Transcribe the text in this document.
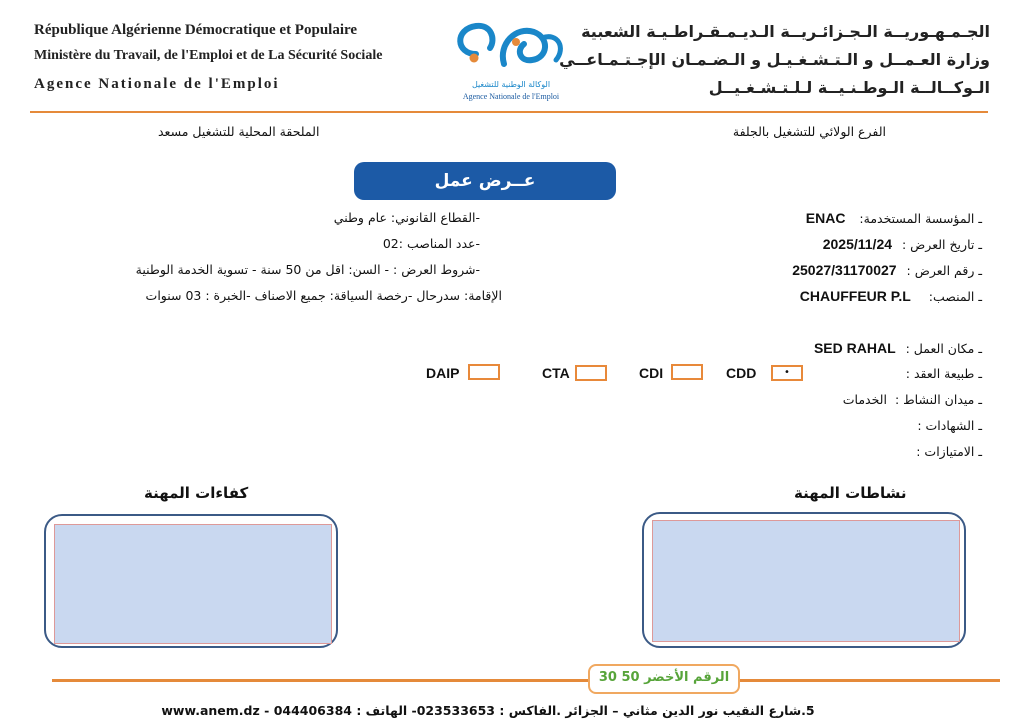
République Algérienne Démocratique et Populaire
Ministère du Travail, de l'Emploi et de La Sécurité Sociale
Agence Nationale de l'Emploi	الوكالة الوطنية للتشغيل
Agence Nationale de l'Emploi
الجـمـهـوريــة الـجـزائـريــة الـديـمـقـراطـيـة الشعبية
وزارة العـمــل و الـتـشـغـيـل و الـضـمـان الإجـتـمـاعــي
الـوكــالــة الـوطـنـيــة لـلـتـشـغـيــل
الفرع الولائي للتشغيل بالجلفة
الملحقة المحلية للتشغيل مسعد
عــرض عمل
ـ المؤسسة المستخدمة: ENAC
ـ تاريخ العرض : 2025/11/24
ـ رقم العرض : 25027/31170027
ـ المنصب: CHAUFFEUR P.L
ـ مكان العمل : SED RAHAL
ـ طبيعة العقد :
ـ ميدان النشاط : الخدمات
ـ الشهادات :
ـ الامتيازات :
CDD	•
CDI
CTA
DAIP
-القطاع القانوني: عام وطني
-عدد المناصب :02
-شروط العرض : - السن: اقل من 50 سنة - تسوية الخدمة الوطنية
الإقامة: سدرحال -رخصة السياقة: جميع الاصناف -الخبرة : 03 سنوات
نشاطات المهنة
كفاءات المهنة
الرقم الأخضر 50 30
5.شارع النقيب نور الدين مثاني – الجزائر .الفاكس : 023533653- الهاتف : 044406384 - www.anem.dz
